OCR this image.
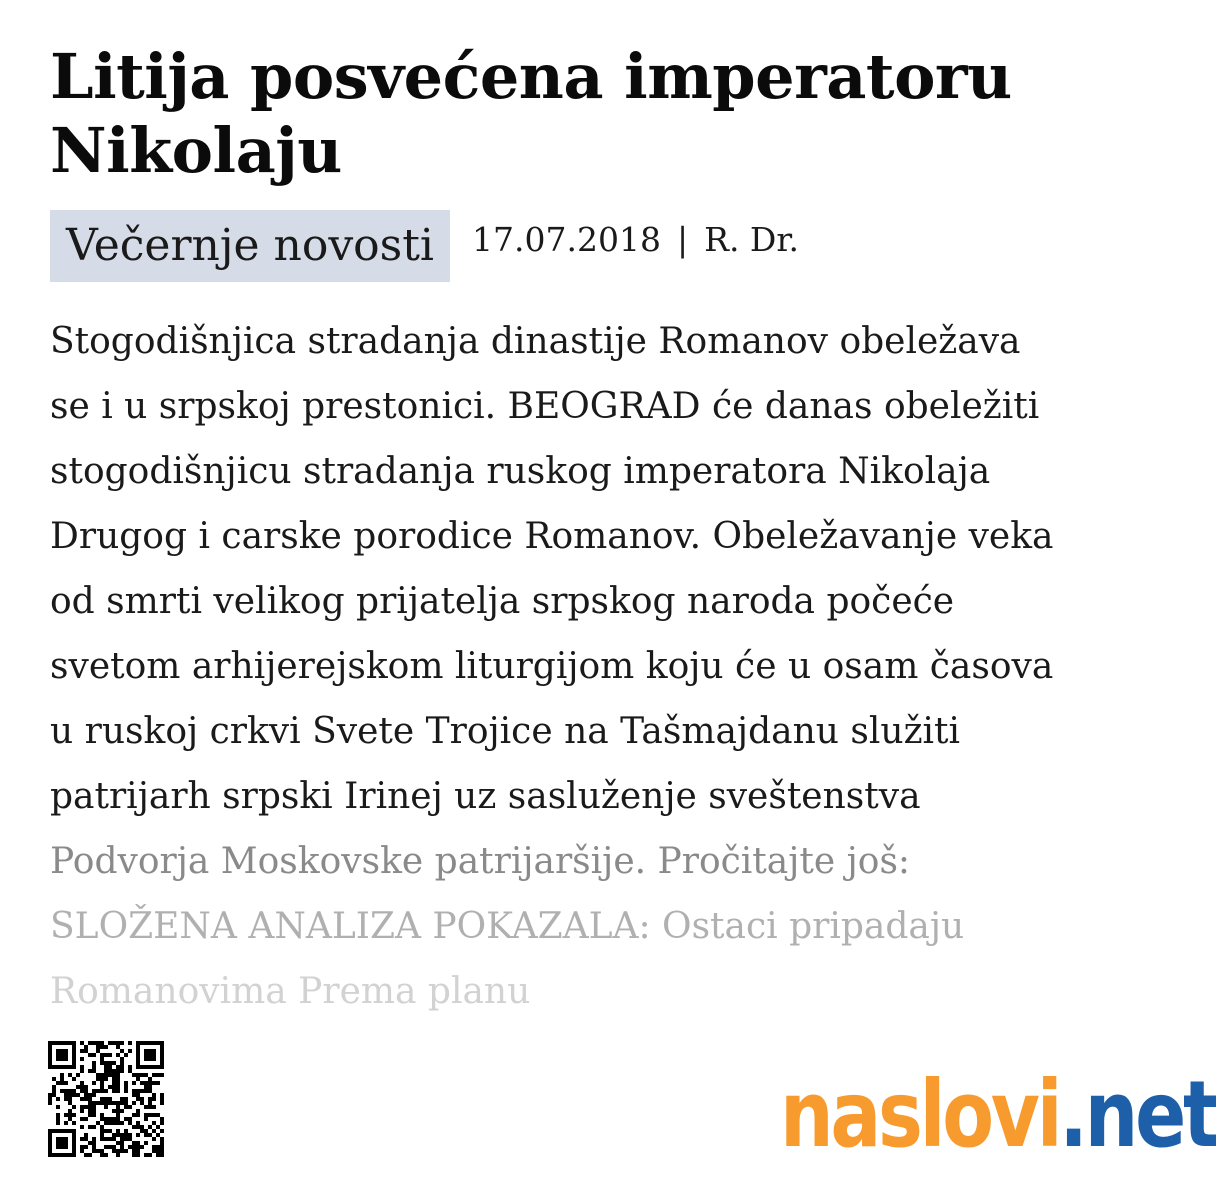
Litija posvećena imperatoru
Nikolaju
Večernje novosti	17.07.2018 | R. Dr.
Stogodišnjica stradanja dinastije Romanov obeležava
se i u srpskoj prestonici. BEOGRAD će danas obeležiti
stogodišnjicu stradanja ruskog imperatora Nikolaja
Drugog i carske porodice Romanov. Obeležavanje veka
od smrti velikog prijatelja srpskog naroda počeće
svetom arhijerejskom liturgijom koju će u osam časova
u ruskoj crkvi Svete Trojice na Tašmajdanu služiti
patrijarh srpski Irinej uz sasluženje sveštenstva
Podvorja Moskovske patrijaršije. Pročitajte još:
SLOŽENA ANALIZA POKAZALA: Ostaci pripadaju
Romanovima Prema planu
naslovi.net
